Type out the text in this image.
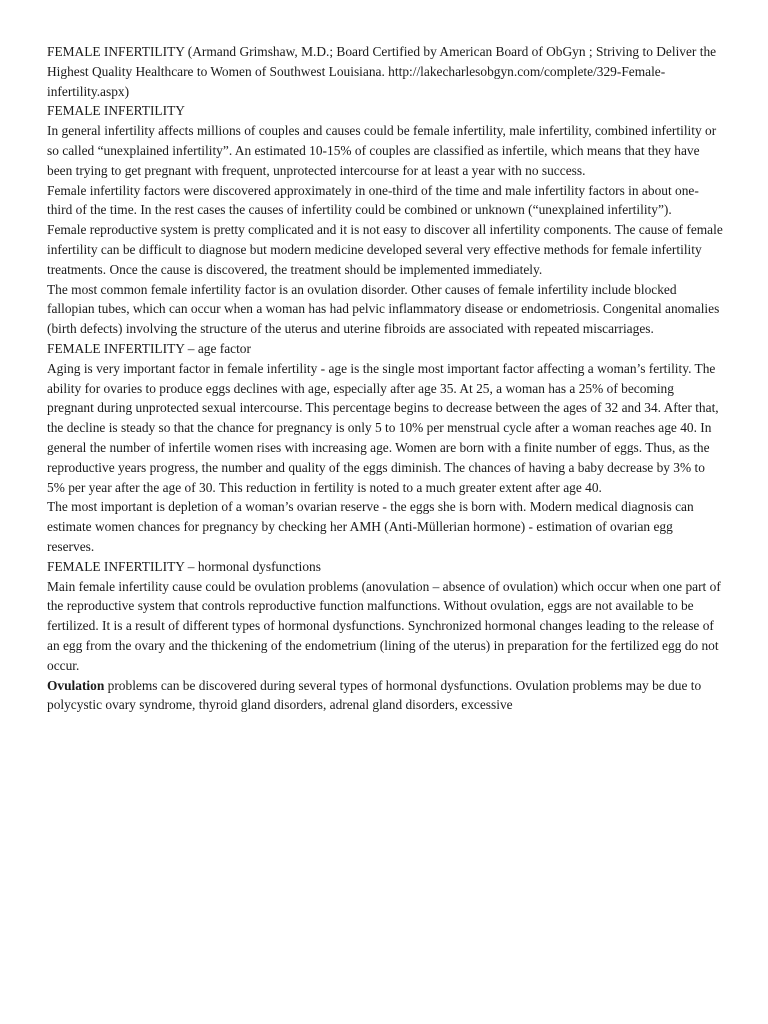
FEMALE INFERTILITY (Armand Grimshaw, M.D.; Board Certified by American Board of ObGyn ; Striving to Deliver the Highest Quality Healthcare to Women of Southwest Louisiana. http://lakecharlesobgyn.com/complete/329-Female-infertility.aspx)

FEMALE INFERTILITY

In general infertility affects millions of couples and causes could be female infertility, male infertility, combined infertility or so called “unexplained infertility”. An estimated 10-15% of couples are classified as infertile, which means that they have been trying to get pregnant with frequent, unprotected intercourse for at least a year with no success.

Female infertility factors were discovered approximately in one-third of the time and male infertility factors in about one-third of the time. In the rest cases the causes of infertility could be combined or unknown (“unexplained infertility”).

Female reproductive system is pretty complicated and it is not easy to discover all infertility components. The cause of female infertility can be difficult to diagnose but modern medicine developed several very effective methods for female infertility treatments. Once the cause is discovered, the treatment should be implemented immediately.

The most common female infertility factor is an ovulation disorder. Other causes of female infertility include blocked fallopian tubes, which can occur when a woman has had pelvic inflammatory disease or endometriosis. Congenital anomalies (birth defects) involving the structure of the uterus and uterine fibroids are associated with repeated miscarriages.

FEMALE INFERTILITY – age factor

Aging is very important factor in female infertility - age is the single most important factor affecting a woman’s fertility. The ability for ovaries to produce eggs declines with age, especially after age 35. At 25, a woman has a 25% of becoming pregnant during unprotected sexual intercourse. This percentage begins to decrease between the ages of 32 and 34. After that, the decline is steady so that the chance for pregnancy is only 5 to 10% per menstrual cycle after a woman reaches age 40. In general the number of infertile women rises with increasing age. Women are born with a finite number of eggs. Thus, as the reproductive years progress, the number and quality of the eggs diminish. The chances of having a baby decrease by 3% to 5% per year after the age of 30. This reduction in fertility is noted to a much greater extent after age 40.

The most important is depletion of a woman’s ovarian reserve - the eggs she is born with. Modern medical diagnosis can estimate women chances for pregnancy by checking her AMH (Anti-Müllerian hormone) - estimation of ovarian egg reserves.

FEMALE INFERTILITY – hormonal dysfunctions

Main female infertility cause could be ovulation problems (anovulation – absence of ovulation) which occur when one part of the reproductive system that controls reproductive function malfunctions. Without ovulation, eggs are not available to be fertilized. It is a result of different types of hormonal dysfunctions. Synchronized hormonal changes leading to the release of an egg from the ovary and the thickening of the endometrium (lining of the uterus) in preparation for the fertilized egg do not occur.

Ovulation problems can be discovered during several types of hormonal dysfunctions. Ovulation problems may be due to polycystic ovary syndrome, thyroid gland disorders, adrenal gland disorders, excessive
